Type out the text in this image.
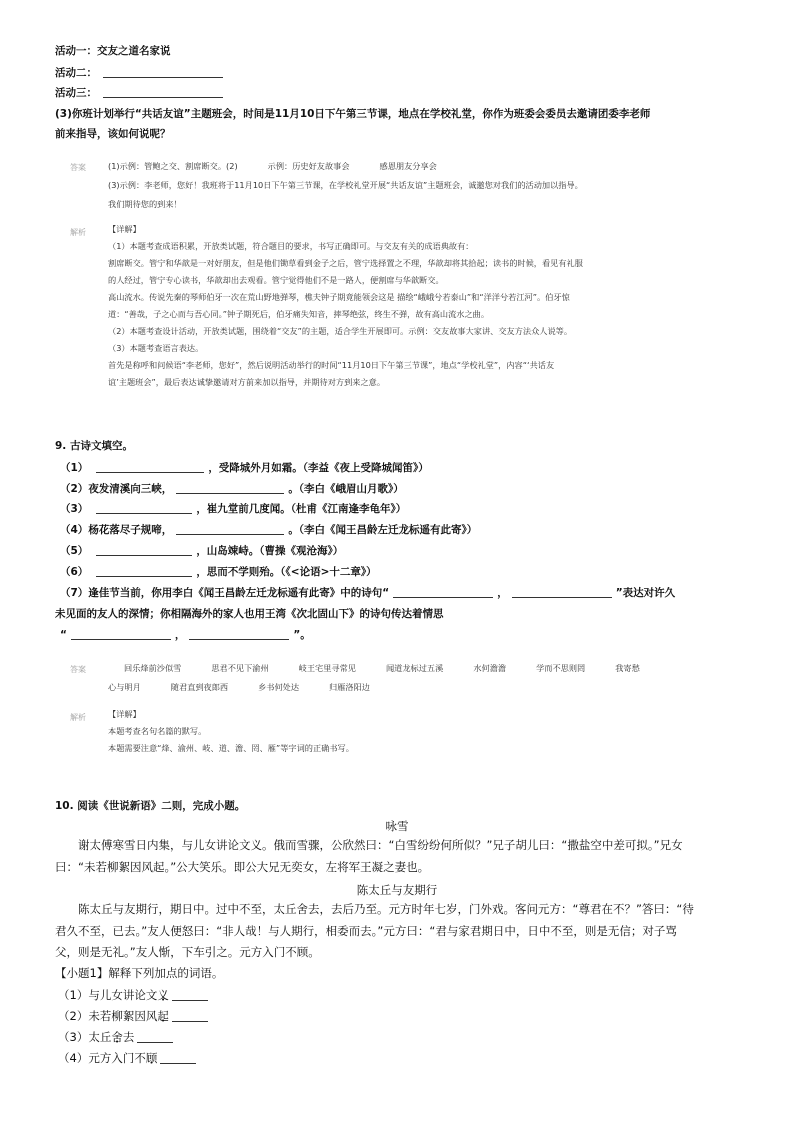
活动一：交友之道名家说
活动二：
活动三：
(3)你班计划举行“共话友谊”主题班会，时间是11月10日下午第三节课，地点在学校礼堂，你作为班委会委员去邀请团委李老师
前来指导，该如何说呢？
答案	(1)示例：管鲍之交、割席断交。(2)	示例：历史好友故事会	感恩朋友分享会
(3)示例：李老师，您好！我班将于11月10日下午第三节课，在学校礼堂开展“共话友谊”主题班会，诚邀您对我们的活动加以指导。
我们期待您的到来！
解析	【详解】
（1）本题考查成语积累，开放类试题，符合题目的要求，书写正确即可。与交友有关的成语典故有：
割席断交。管宁和华歆是一对好朋友，但是他们锄草看到金子之后，管宁选择置之不理，华歆却将其拾起；读书的时候，看见有礼服
的人经过，管宁专心读书，华歆却出去观看。管宁觉得他们不是一路人，便割席与华歆断交。
高山流水。传说先秦的琴师伯牙一次在荒山野地弹琴，樵夫钟子期竟能领会这是 描绘“峨峨兮若泰山”和“洋洋兮若江河”。伯牙惊
道：“善哉，子之心而与吾心同。”钟子期死后，伯牙痛失知音，摔琴绝弦，终生不弹，故有高山流水之曲。
（2）本题考查设计活动，开放类试题，围绕着“交友”的主题，适合学生开展即可。示例：交友故事大家讲、交友方法众人说等。
（3）本题考查语言表达。
首先是称呼和问候语“李老师，您好”，然后说明活动举行的时间“11月10日下午第三节课”，地点“学校礼堂”，内容“‘共话友
谊’主题班会”，最后表达诚挚邀请对方前来加以指导，并期待对方到来之意。
9. 古诗文填空。
（1）	，受降城外月如霜。（李益《夜上受降城闻笛》）
（2）夜发清溪向三峡，	。（李白《峨眉山月歌》）
（3）	，崔九堂前几度闻。（杜甫《江南逢李龟年》）
（4）杨花落尽子规啼，	。（李白《闻王昌龄左迁龙标遥有此寄》）
（5）	，山岛竦峙。（曹操《观沧海》）
（6）	，思而不学则殆。（《<论语>十二章》）
（7）逢佳节当前，你用李白《闻王昌龄左迁龙标遥有此寄》中的诗句“	，	”表达对许久
未见面的友人的深情；你相隔海外的家人也用王湾《次北固山下》的诗句传达着情思
“	，	”。
答案	回乐烽前沙似雪	思君不见下渝州	岐王宅里寻常见	闻道龙标过五溪	水何澹澹	学而不思则罔	我寄愁
心与明月	随君直到夜郎西	乡书何处达	归雁洛阳边
解析	【详解】
本题考查名句名篇的默写。
本题需要注意“烽、渝州、岐、道、澹、罔、雁”等字词的正确书写。
10. 阅读《世说新语》二则，完成小题。
咏雪
谢太傅寒雪日内集，与儿女讲论文义。俄而雪骤，公欣然曰：“白雪纷纷何所似？”兄子胡儿曰：“撒盐空中差可拟。”兄女
曰：“未若柳絮因风起。”公大笑乐。即公大兄无奕女，左将军王凝之妻也。
陈太丘与友期行
陈太丘与友期行，期日中。过中不至，太丘舍去，去后乃至。元方时年七岁，门外戏。客问元方：“尊君在不？”答曰：“待
君久不至，已去。”友人便怒曰：“非人哉！与人期行，相委而去。”元方曰：“君与家君期日中，日中不至，则是无信；对子骂
父，则是无礼。”友人惭，下车引之。元方入门不顾。
【小题1】解释下列加点的词语。
（1）与儿女讲论文义
（2）未若柳絮因风起
（3）太丘舍去
（4）元方入门不顾
